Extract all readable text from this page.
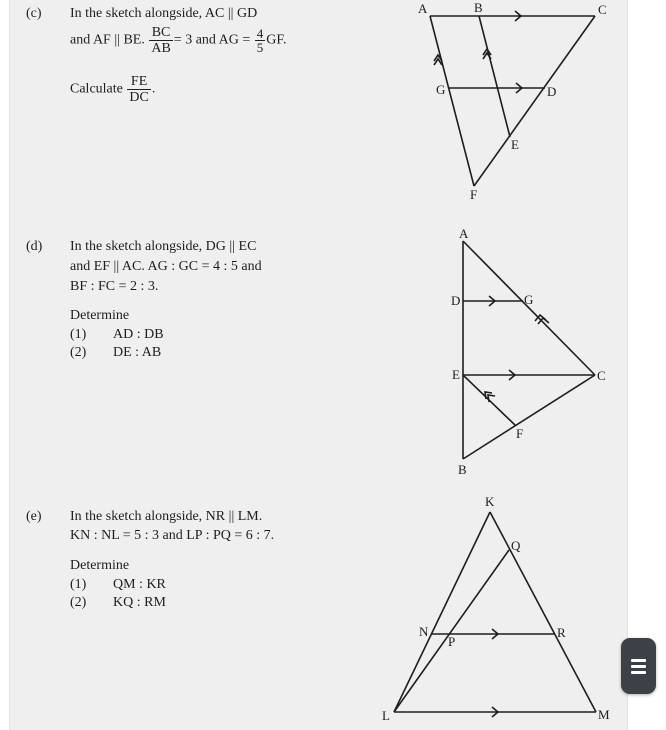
(c) In the sketch alongside, AC || GD
and AF || BE. $\frac{BC}{AB} = 3$ and AG = $\frac{4}{5}$ GF.
Calculate $\frac{FE}{DC}$ .
(d) In the sketch alongside, DG || EC
and EF || AC. AG : GC = 4 : 5 and
BF : FC = 2 : 3.
Determine
(1) AD : DB
(2) DE : AB
(e) In the sketch alongside, NR || LM.
KN : NL = 5 : 3 and LP : PQ = 6 : 7.
Determine
(1) QM : KR
(2) KQ : RM
A	B	C
G	D
E
F
A
D	G
E	C
F
B
K
Q
N
P
R
L	M
